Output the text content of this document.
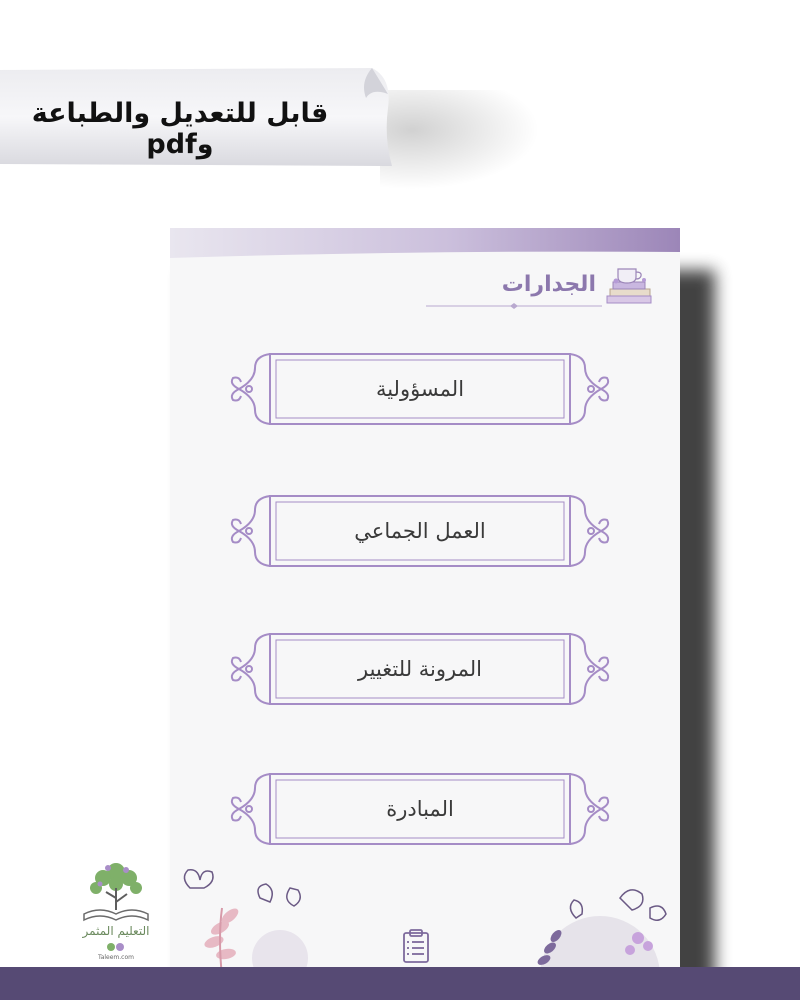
قابل للتعديل والطباعة وpdf
الجدارات
المسؤولية
العمل الجماعي
المرونة للتغيير
المبادرة
التعليم المثمر
Taleem.com
